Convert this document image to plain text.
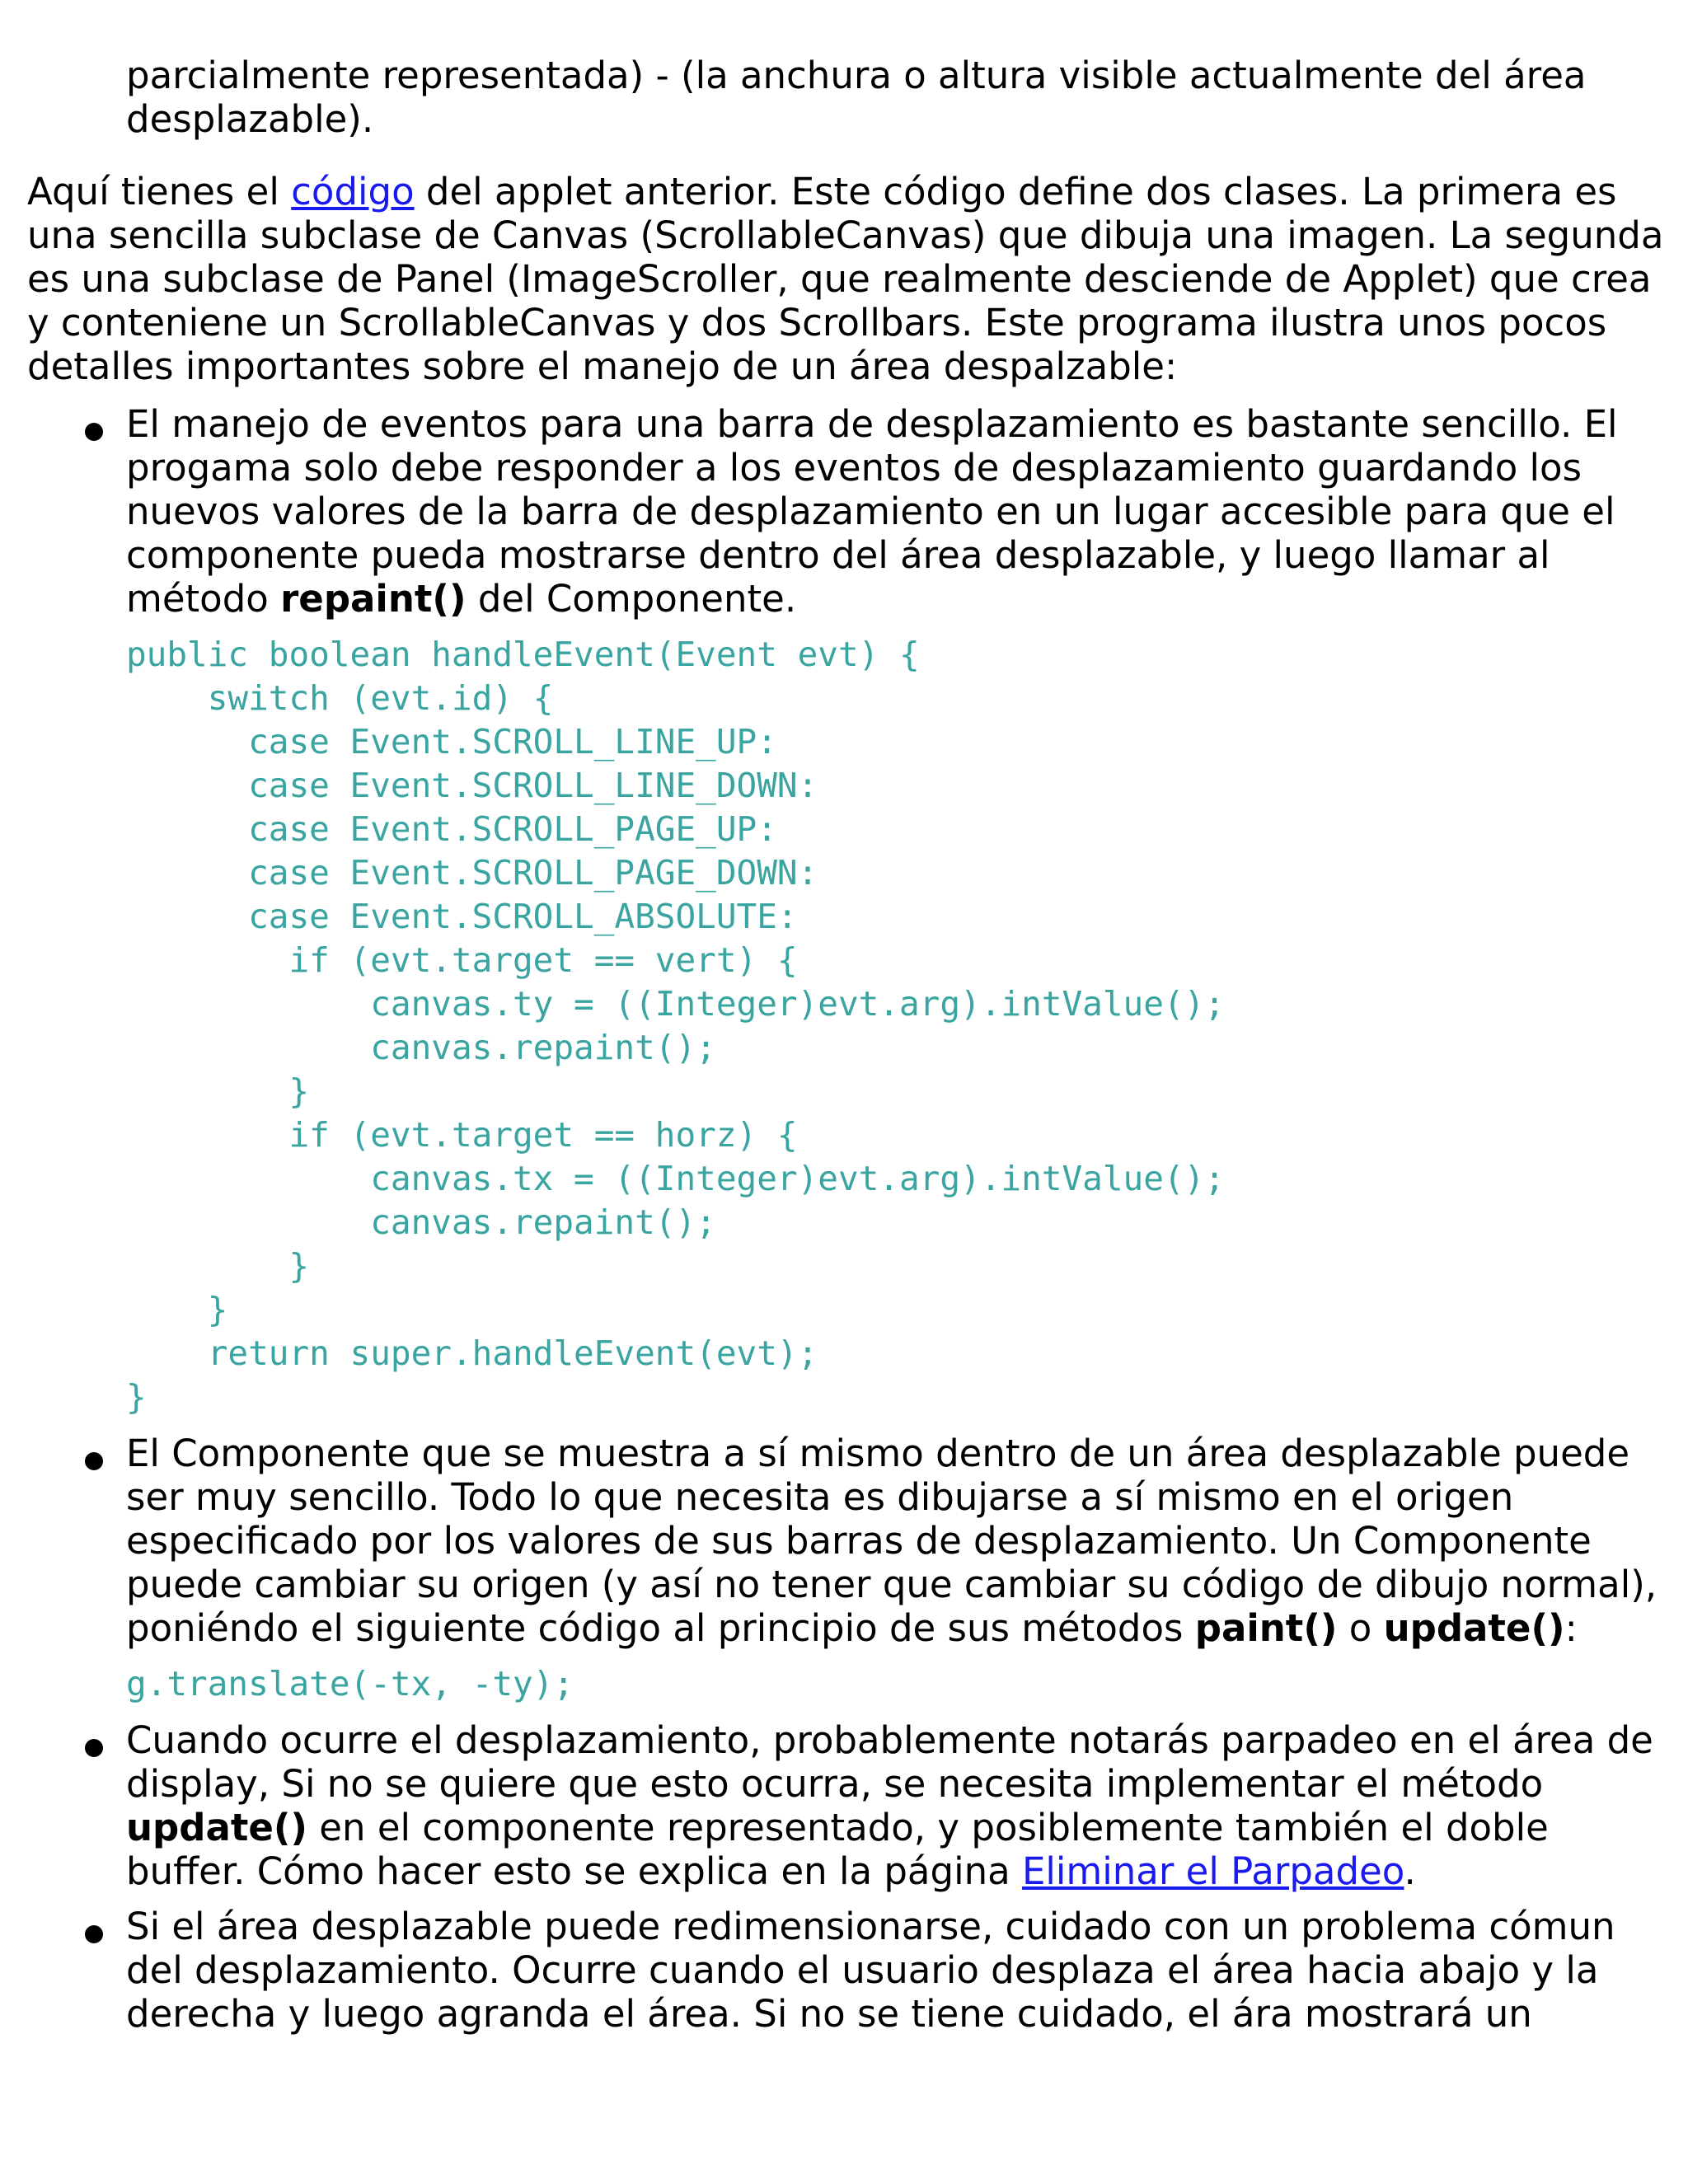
parcialmente representada) - (la anchura o altura visible actualmente del área desplazable).

Aquí tienes el código del applet anterior. Este código define dos clases. La primera es una sencilla subclase de Canvas (ScrollableCanvas) que dibuja una imagen. La segunda es una subclase de Panel (ImageScroller, que realmente desciende de Applet) que crea y conteniene un ScrollableCanvas y dos Scrollbars. Este programa ilustra unos pocos detalles importantes sobre el manejo de un área despalzable:

El manejo de eventos para una barra de desplazamiento es bastante sencillo. El progama solo debe responder a los eventos de desplazamiento guardando los nuevos valores de la barra de desplazamiento en un lugar accesible para que el componente pueda mostrarse dentro del área desplazable, y luego llamar al método repaint() del Componente.

public boolean handleEvent(Event evt) {
switch (evt.id) {
case Event.SCROLL_LINE_UP:
case Event.SCROLL_LINE_DOWN:
case Event.SCROLL_PAGE_UP:
case Event.SCROLL_PAGE_DOWN:
case Event.SCROLL_ABSOLUTE:
if (evt.target == vert) {
canvas.ty = ((Integer)evt.arg).intValue();
canvas.repaint();
}
if (evt.target == horz) {
canvas.tx = ((Integer)evt.arg).intValue();
canvas.repaint();
}
}
return super.handleEvent(evt);
}

El Componente que se muestra a sí mismo dentro de un área desplazable puede ser muy sencillo. Todo lo que necesita es dibujarse a sí mismo en el origen especificado por los valores de sus barras de desplazamiento. Un Componente puede cambiar su origen (y así no tener que cambiar su código de dibujo normal), poniéndo el siguiente código al principio de sus métodos paint() o update():

g.translate(-tx, -ty);

Cuando ocurre el desplazamiento, probablemente notarás parpadeo en el área de display, Si no se quiere que esto ocurra, se necesita implementar el método update() en el componente representado, y posiblemente también el doble buffer. Cómo hacer esto se explica en la página Eliminar el Parpadeo.

Si el área desplazable puede redimensionarse, cuidado con un problema cómun del desplazamiento. Ocurre cuando el usuario desplaza el área hacia abajo y la derecha y luego agranda el área. Si no se tiene cuidado, el ára mostrará un
